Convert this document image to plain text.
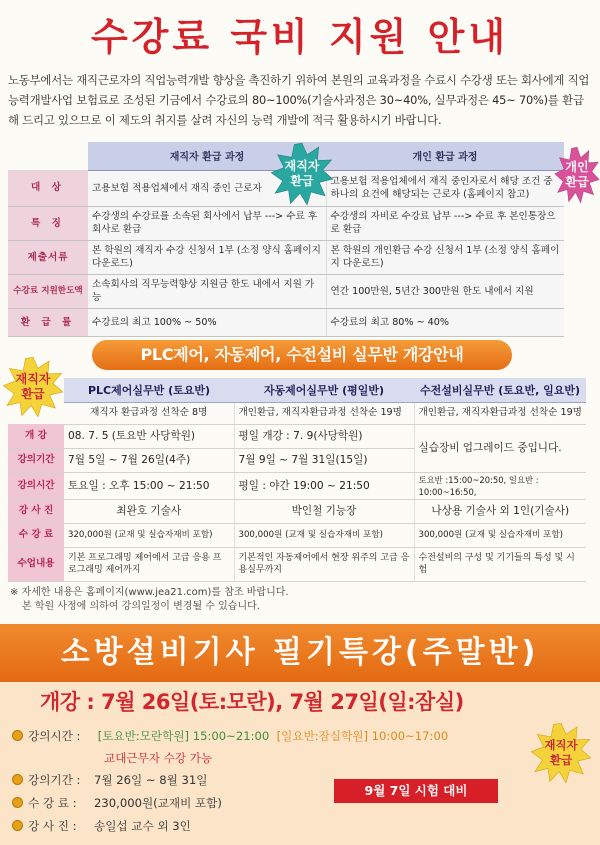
수강료 국비 지원 안내
노동부에서는 재직근로자의 직업능력개발 향상을 촉진하기 위하여 본원의 교육과정을 수료시 수강생 또는 회사에게 직업능력개발사업 보험료로 조성된 기금에서 수강료의 80~100%(기술사과정은 30~40%, 실무과정은 45~ 70%)를 환급해 드리고 있으므로 이 제도의 취지를 살려 자신의 능력 개발에 적극 활용하시기 바랍니다.
	재직자 환급 과정	개인 환급 과정
대 상	고용보험 적용업체에서 재직 중인 근로자	고용보험 적용업체에서 재직 중인자로서 해당 조건 중 하나의 요건에 해당되는 근로자 (홈페이지 참고)
특 징	수강생의 수강료를 소속된 회사에서 납부 ---> 수료 후 회사로 환급	수강생의 자비로 수강료 납부 ---> 수료 후 본인통장으로 환급
제출서류	본 학원의 재직자 수강 신청서 1부 (소정 양식 홈페이지 다운로드)	본 학원의 개인환급 수강 신청서 1부 (소정 양식 홈페이지 다운로드)
수강료 지원한도액	소속회사의 직무능력향상 지원금 한도 내에서 지원 가능	연간 100만원, 5년간 300만원 한도 내에서 지원
환 급 률	수강료의 최고 100% ~ 50%	수강료의 최고 80% ~ 40%
재직자
환급
개인
환급
PLC제어, 자동제어, 수전설비 실무반 개강안내
	PLC제어실무반 (토요반)	자동제어실무반 (평일반)	수전설비실무반 (토요반, 일요반)
	재직자 환급과정 선착순 8명	개인환급, 재직자환급과정 선착순 19명	개인환급, 재직자환급과정 선착순 19명
개 강	08. 7. 5 (토요반 사당학원)	평일 개강 : 7. 9(사당학원)	실습장비 업그레이드 중입니다.
강의기간	7월 5일 ~ 7월 26일(4주)	7월 9일 ~ 7월 31일(15일)	
강의시간	토요일 : 오후 15:00 ~ 21:50	평일 : 야간 19:00 ~ 21:50	토요반 :15:00~20:50, 일요반 : 10:00~16:50,
강 사 진	최완호 기술사	박인철 기능장	나상용 기술사 외 1인(기술사)
수 강 료	320,000원 (교재 및 실습자재비 포함)	300,000원 (교재 및 실습자재비 포함)	300,000원 (교재 및 실습자재비 포함)
수업내용	기본 프로그래밍 제어에서 고급 응용 프로그래밍 제어까지	기본적인 자동제어에서 현장 위주의 고급 응용실무까지	수전설비의 구성 및 기기들의 특성 및 시험
재직자
환급
※ 자세한 내용은 홈페이지(www.jea21.com)를 참조 바랍니다.
본 학원 사정에 의하여 강의일정이 변경될 수 있습니다.
소방설비기사 필기특강(주말반)
개강 : 7월 26일(토:모란), 7월 27일(일:잠실)
강의시간 : [토요반:모란학원] 15:00~21:00 [일요반:잠실학원] 10:00~17:00
교대근무자 수강 가능
강의기간 : 7월 26일 ~ 8월 31일
수 강 료 : 230,000원(교재비 포함)
강 사 진 : 송일섭 교수 외 3인
9월 7일 시험 대비
재직자
환급
